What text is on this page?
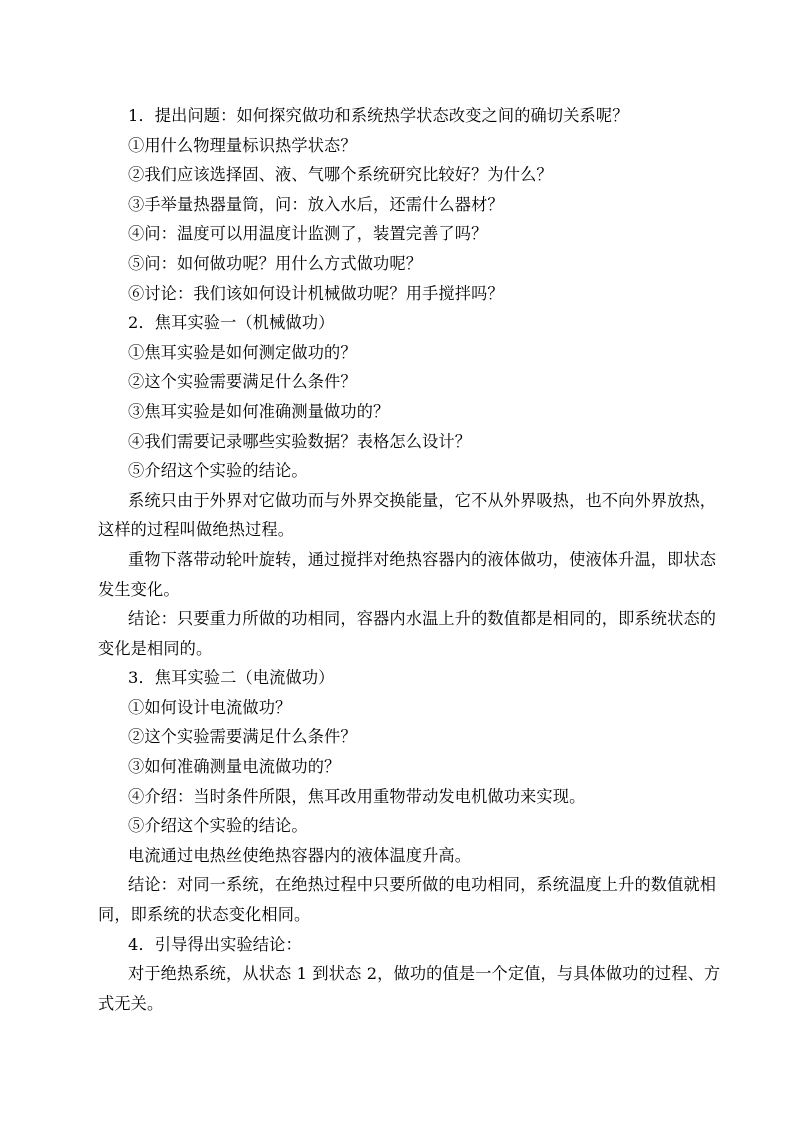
1．提出问题：如何探究做功和系统热学状态改变之间的确切关系呢？
①用什么物理量标识热学状态？
②我们应该选择固、液、气哪个系统研究比较好？为什么？
③手举量热器量筒，问：放入水后，还需什么器材？
④问：温度可以用温度计监测了，装置完善了吗？
⑤问：如何做功呢？用什么方式做功呢？
⑥讨论：我们该如何设计机械做功呢？用手搅拌吗？
2．焦耳实验一（机械做功）
①焦耳实验是如何测定做功的？
②这个实验需要满足什么条件？
③焦耳实验是如何准确测量做功的？
④我们需要记录哪些实验数据？表格怎么设计？
⑤介绍这个实验的结论。
系统只由于外界对它做功而与外界交换能量，它不从外界吸热，也不向外界放热，
这样的过程叫做绝热过程。
重物下落带动轮叶旋转，通过搅拌对绝热容器内的液体做功，使液体升温，即状态
发生变化。
结论：只要重力所做的功相同，容器内水温上升的数值都是相同的，即系统状态的
变化是相同的。
3．焦耳实验二（电流做功）
①如何设计电流做功？
②这个实验需要满足什么条件？
③如何准确测量电流做功的？
④介绍：当时条件所限，焦耳改用重物带动发电机做功来实现。
⑤介绍这个实验的结论。
电流通过电热丝使绝热容器内的液体温度升高。
结论：对同一系统，在绝热过程中只要所做的电功相同，系统温度上升的数值就相
同，即系统的状态变化相同。
4．引导得出实验结论：
对于绝热系统，从状态 1 到状态 2，做功的值是一个定值，与具体做功的过程、方
式无关。
